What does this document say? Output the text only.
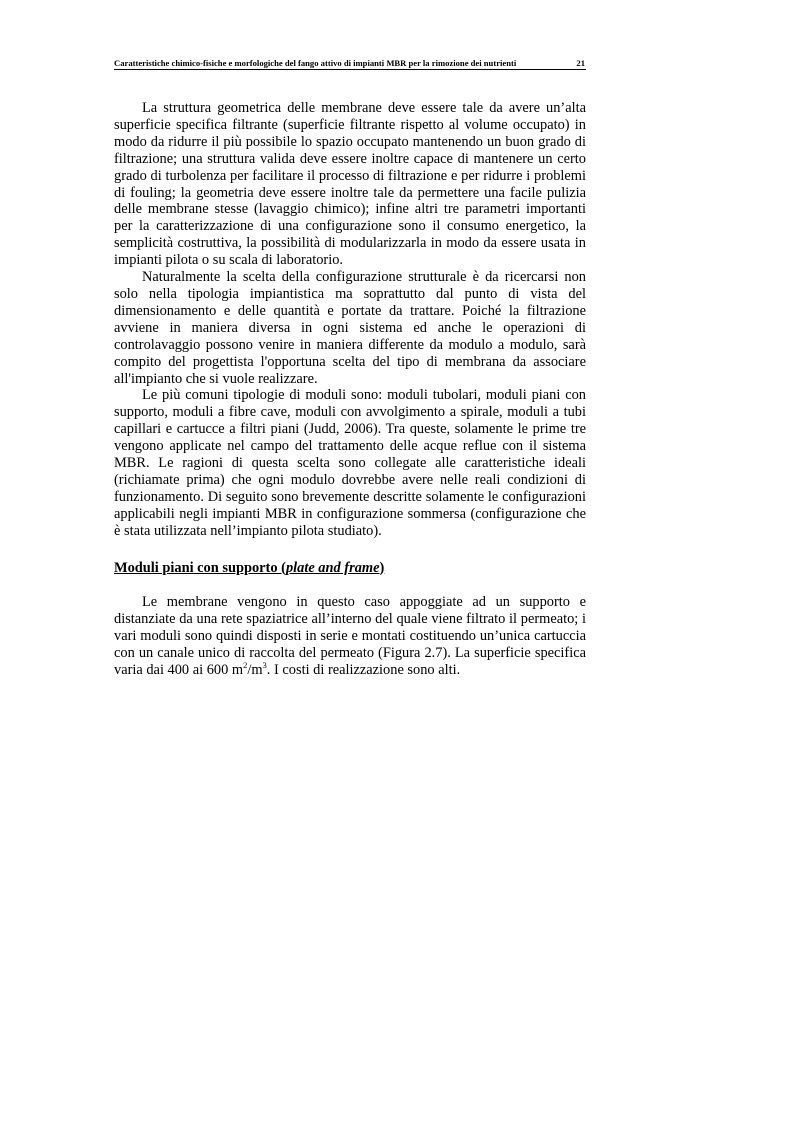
Caratteristiche chimico-fisiche e morfologiche del fango attivo di impianti MBR per la rimozione dei nutrienti	21

La struttura geometrica delle membrane deve essere tale da avere un’alta superficie specifica filtrante (superficie filtrante rispetto al volume occupato) in modo da ridurre il più possibile lo spazio occupato mantenendo un buon grado di filtrazione; una struttura valida deve essere inoltre capace di mantenere un certo grado di turbolenza per facilitare il processo di filtrazione e per ridurre i problemi di fouling; la geometria deve essere inoltre tale da permettere una facile pulizia delle membrane stesse (lavaggio chimico); infine altri tre parametri importanti per la caratterizzazione di una configurazione sono il consumo energetico, la semplicità costruttiva, la possibilità di modularizzarla in modo da essere usata in impianti pilota o su scala di laboratorio.

Naturalmente la scelta della configurazione strutturale è da ricercarsi non solo nella tipologia impiantistica ma soprattutto dal punto di vista del dimensionamento e delle quantità e portate da trattare. Poiché la filtrazione avviene in maniera diversa in ogni sistema ed anche le operazioni di controlavaggio possono venire in maniera differente da modulo a modulo, sarà compito del progettista l'opportuna scelta del tipo di membrana da associare all'impianto che si vuole realizzare.

Le più comuni tipologie di moduli sono: moduli tubolari, moduli piani con supporto, moduli a fibre cave, moduli con avvolgimento a spirale, moduli a tubi capillari e cartucce a filtri piani (Judd, 2006). Tra queste, solamente le prime tre vengono applicate nel campo del trattamento delle acque reflue con il sistema MBR. Le ragioni di questa scelta sono collegate alle caratteristiche ideali (richiamate prima) che ogni modulo dovrebbe avere nelle reali condizioni di funzionamento. Di seguito sono brevemente descritte solamente le configurazioni applicabili negli impianti MBR in configurazione sommersa (configurazione che è stata utilizzata nell’impianto pilota studiato).

Moduli piani con supporto (plate and frame)

Le membrane vengono in questo caso appoggiate ad un supporto e distanziate da una rete spaziatrice all’interno del quale viene filtrato il permeato; i vari moduli sono quindi disposti in serie e montati costituendo un’unica cartuccia con un canale unico di raccolta del permeato (Figura 2.7). La superficie specifica varia dai 400 ai 600 $m^2/m^3$. I costi di realizzazione sono alti.
